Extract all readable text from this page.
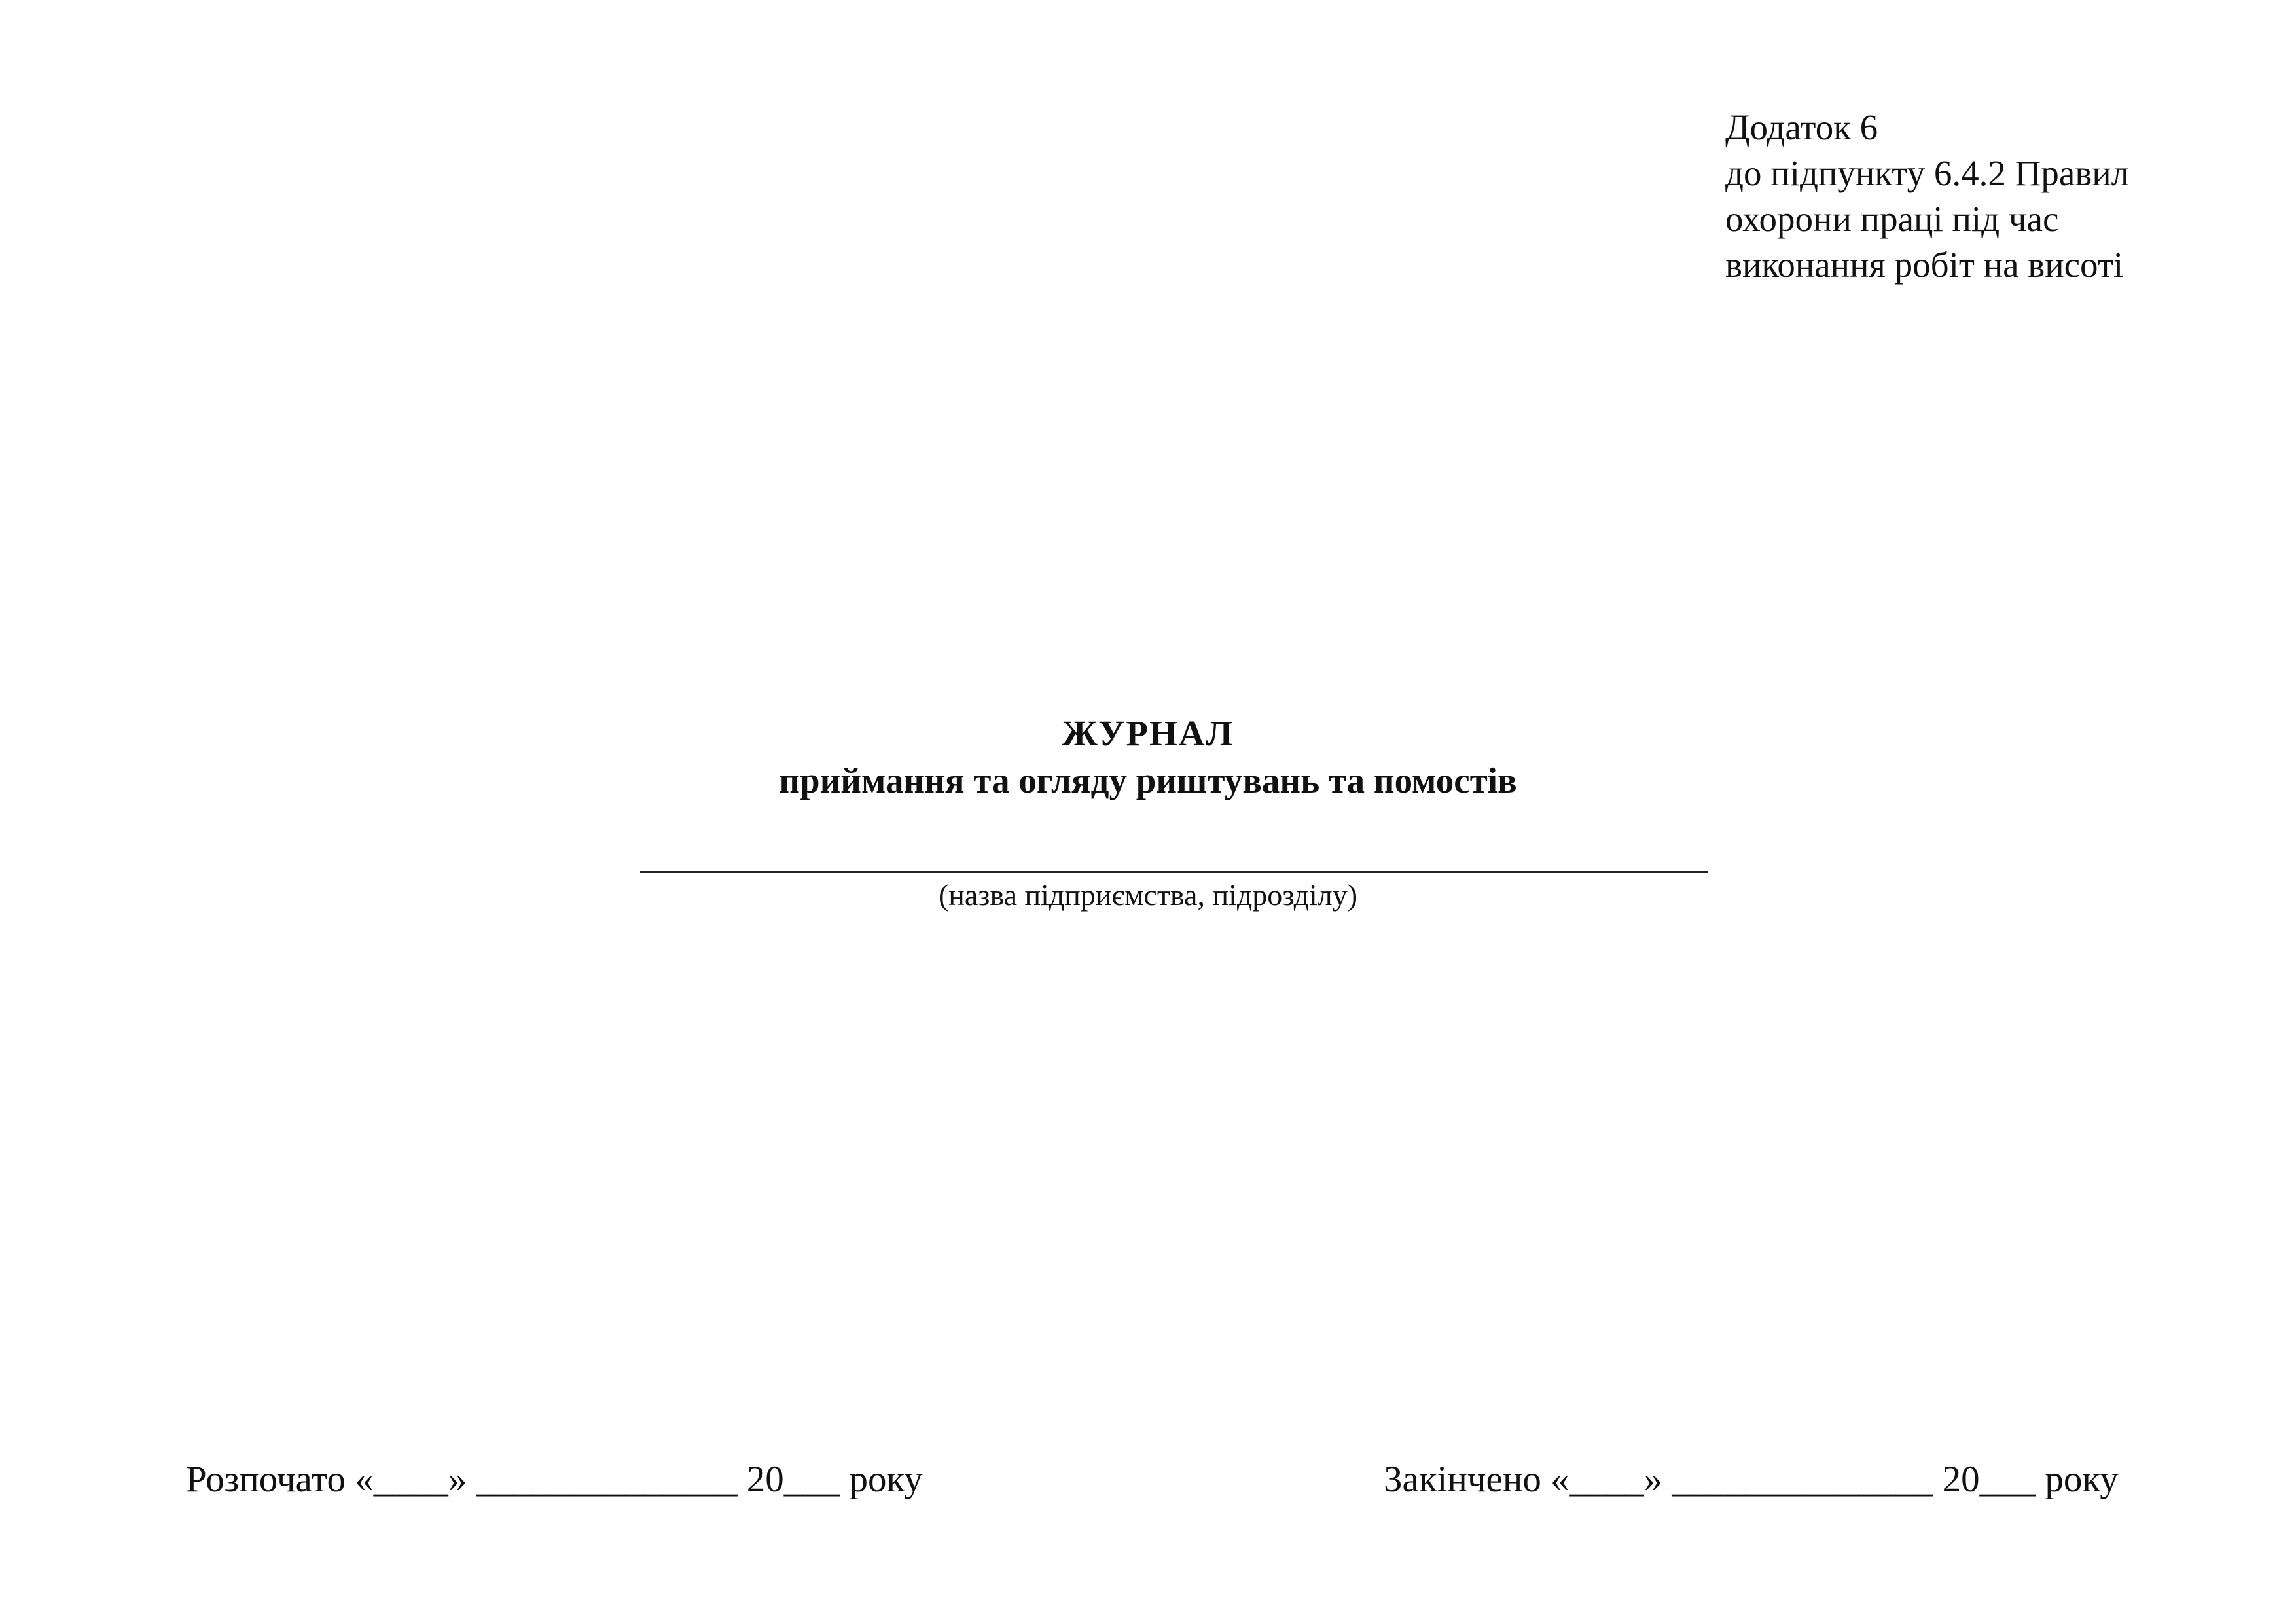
Додаток 6
до підпункту 6.4.2 Правил
охорони праці під час
виконання робіт на висоті
ЖУРНАЛ
приймання та огляду риштувань та помостів
(назва підприємства, підрозділу)
Розпочато «____» ______________ 20___ року	Закінчено «____» ______________ 20___ року
